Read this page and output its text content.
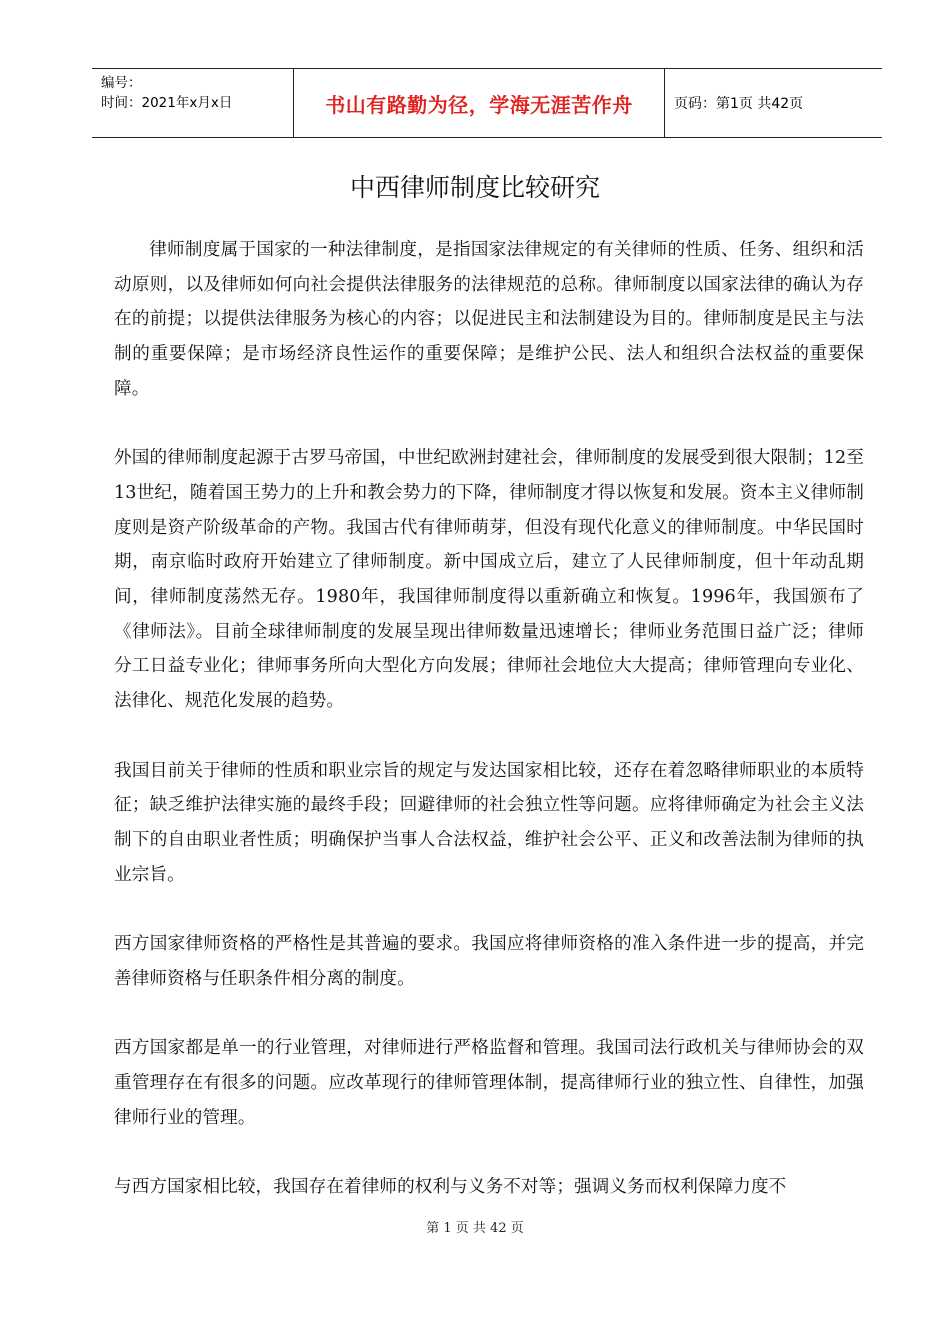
编号：
时间：2021年x月x日	书山有路勤为径，学海无涯苦作舟	页码：第1页 共42页
中西律师制度比较研究

律师制度属于国家的一种法律制度，是指国家法律规定的有关律师的性质、任务、组织和活动原则，以及律师如何向社会提供法律服务的法律规范的总称。律师制度以国家法律的确认为存在的前提；以提供法律服务为核心的内容；以促进民主和法制建设为目的。律师制度是民主与法制的重要保障；是市场经济良性运作的重要保障；是维护公民、法人和组织合法权益的重要保障。

外国的律师制度起源于古罗马帝国，中世纪欧洲封建社会，律师制度的发展受到很大限制；12至13世纪，随着国王势力的上升和教会势力的下降，律师制度才得以恢复和发展。资本主义律师制度则是资产阶级革命的产物。我国古代有律师萌芽，但没有现代化意义的律师制度。中华民国时期，南京临时政府开始建立了律师制度。新中国成立后，建立了人民律师制度，但十年动乱期间，律师制度荡然无存。1980年，我国律师制度得以重新确立和恢复。1996年，我国颁布了《律师法》。目前全球律师制度的发展呈现出律师数量迅速增长；律师业务范围日益广泛；律师分工日益专业化；律师事务所向大型化方向发展；律师社会地位大大提高；律师管理向专业化、法律化、规范化发展的趋势。

我国目前关于律师的性质和职业宗旨的规定与发达国家相比较，还存在着忽略律师职业的本质特征；缺乏维护法律实施的最终手段；回避律师的社会独立性等问题。应将律师确定为社会主义法制下的自由职业者性质；明确保护当事人合法权益，维护社会公平、正义和改善法制为律师的执业宗旨。

西方国家律师资格的严格性是其普遍的要求。我国应将律师资格的准入条件进一步的提高，并完善律师资格与任职条件相分离的制度。

西方国家都是单一的行业管理，对律师进行严格监督和管理。我国司法行政机关与律师协会的双重管理存在有很多的问题。应改革现行的律师管理体制，提高律师行业的独立性、自律性，加强律师行业的管理。

与西方国家相比较，我国存在着律师的权利与义务不对等；强调义务而权利保障力度不

第 1 页 共 42 页
